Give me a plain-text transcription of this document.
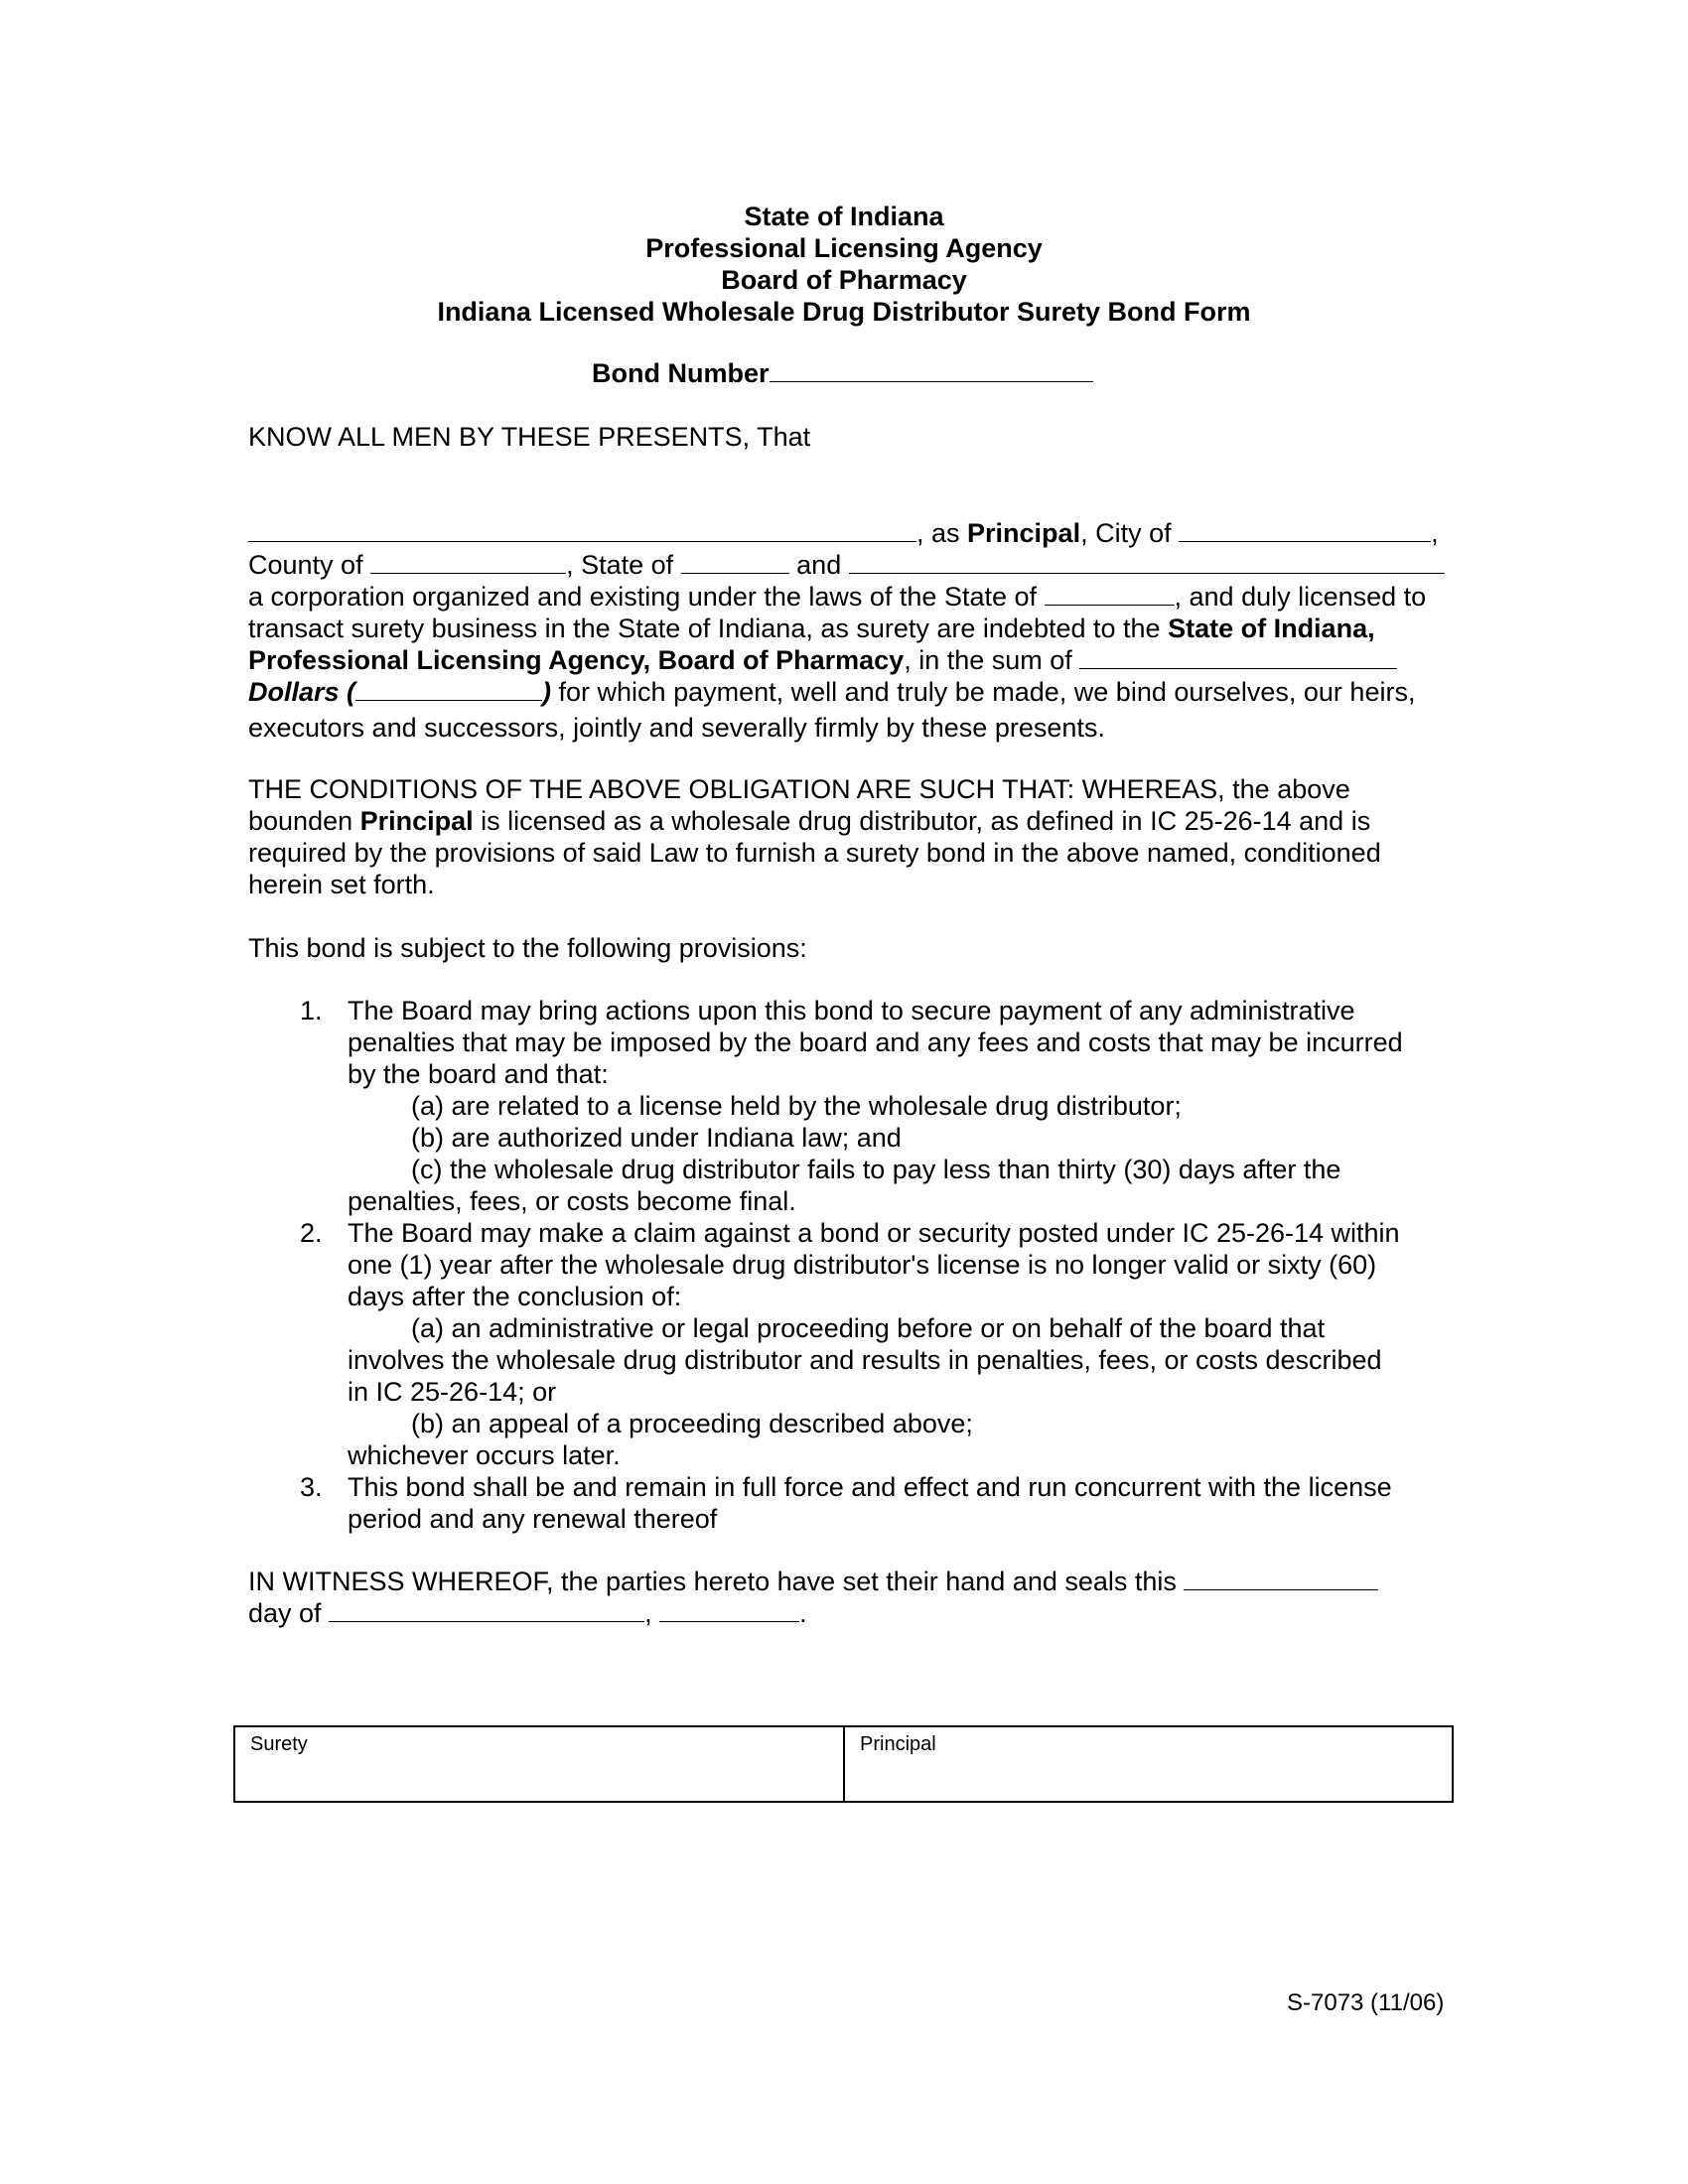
State of Indiana
Professional Licensing Agency
Board of Pharmacy
Indiana Licensed Wholesale Drug Distributor Surety Bond Form
Bond Number
KNOW ALL MEN BY THESE PRESENTS, That
, as Principal, City of	,
County of	, State of	and
a corporation organized and existing under the laws of the State of	, and duly licensed to
transact surety business in the State of Indiana, as surety are indebted to the State of Indiana,
Professional Licensing Agency, Board of Pharmacy, in the sum of
Dollars (	) for which payment, well and truly be made, we bind ourselves, our heirs,
executors and successors, jointly and severally firmly by these presents.
THE CONDITIONS OF THE ABOVE OBLIGATION ARE SUCH THAT: WHEREAS, the above
bounden Principal is licensed as a wholesale drug distributor, as defined in IC 25-26-14 and is
required by the provisions of said Law to furnish a surety bond in the above named, conditioned
herein set forth.
This bond is subject to the following provisions:
1. The Board may bring actions upon this bond to secure payment of any administrative
penalties that may be imposed by the board and any fees and costs that may be incurred
by the board and that:
(a) are related to a license held by the wholesale drug distributor;
(b) are authorized under Indiana law; and
(c) the wholesale drug distributor fails to pay less than thirty (30) days after the
penalties, fees, or costs become final.
2. The Board may make a claim against a bond or security posted under IC 25-26-14 within
one (1) year after the wholesale drug distributor's license is no longer valid or sixty (60)
days after the conclusion of:
(a) an administrative or legal proceeding before or on behalf of the board that
involves the wholesale drug distributor and results in penalties, fees, or costs described
in IC 25-26-14; or
(b) an appeal of a proceeding described above;
whichever occurs later.
3. This bond shall be and remain in full force and effect and run concurrent with the license
period and any renewal thereof
IN WITNESS WHEREOF, the parties hereto have set their hand and seals this
day of	,	.
Surety	Principal
S-7073 (11/06)
